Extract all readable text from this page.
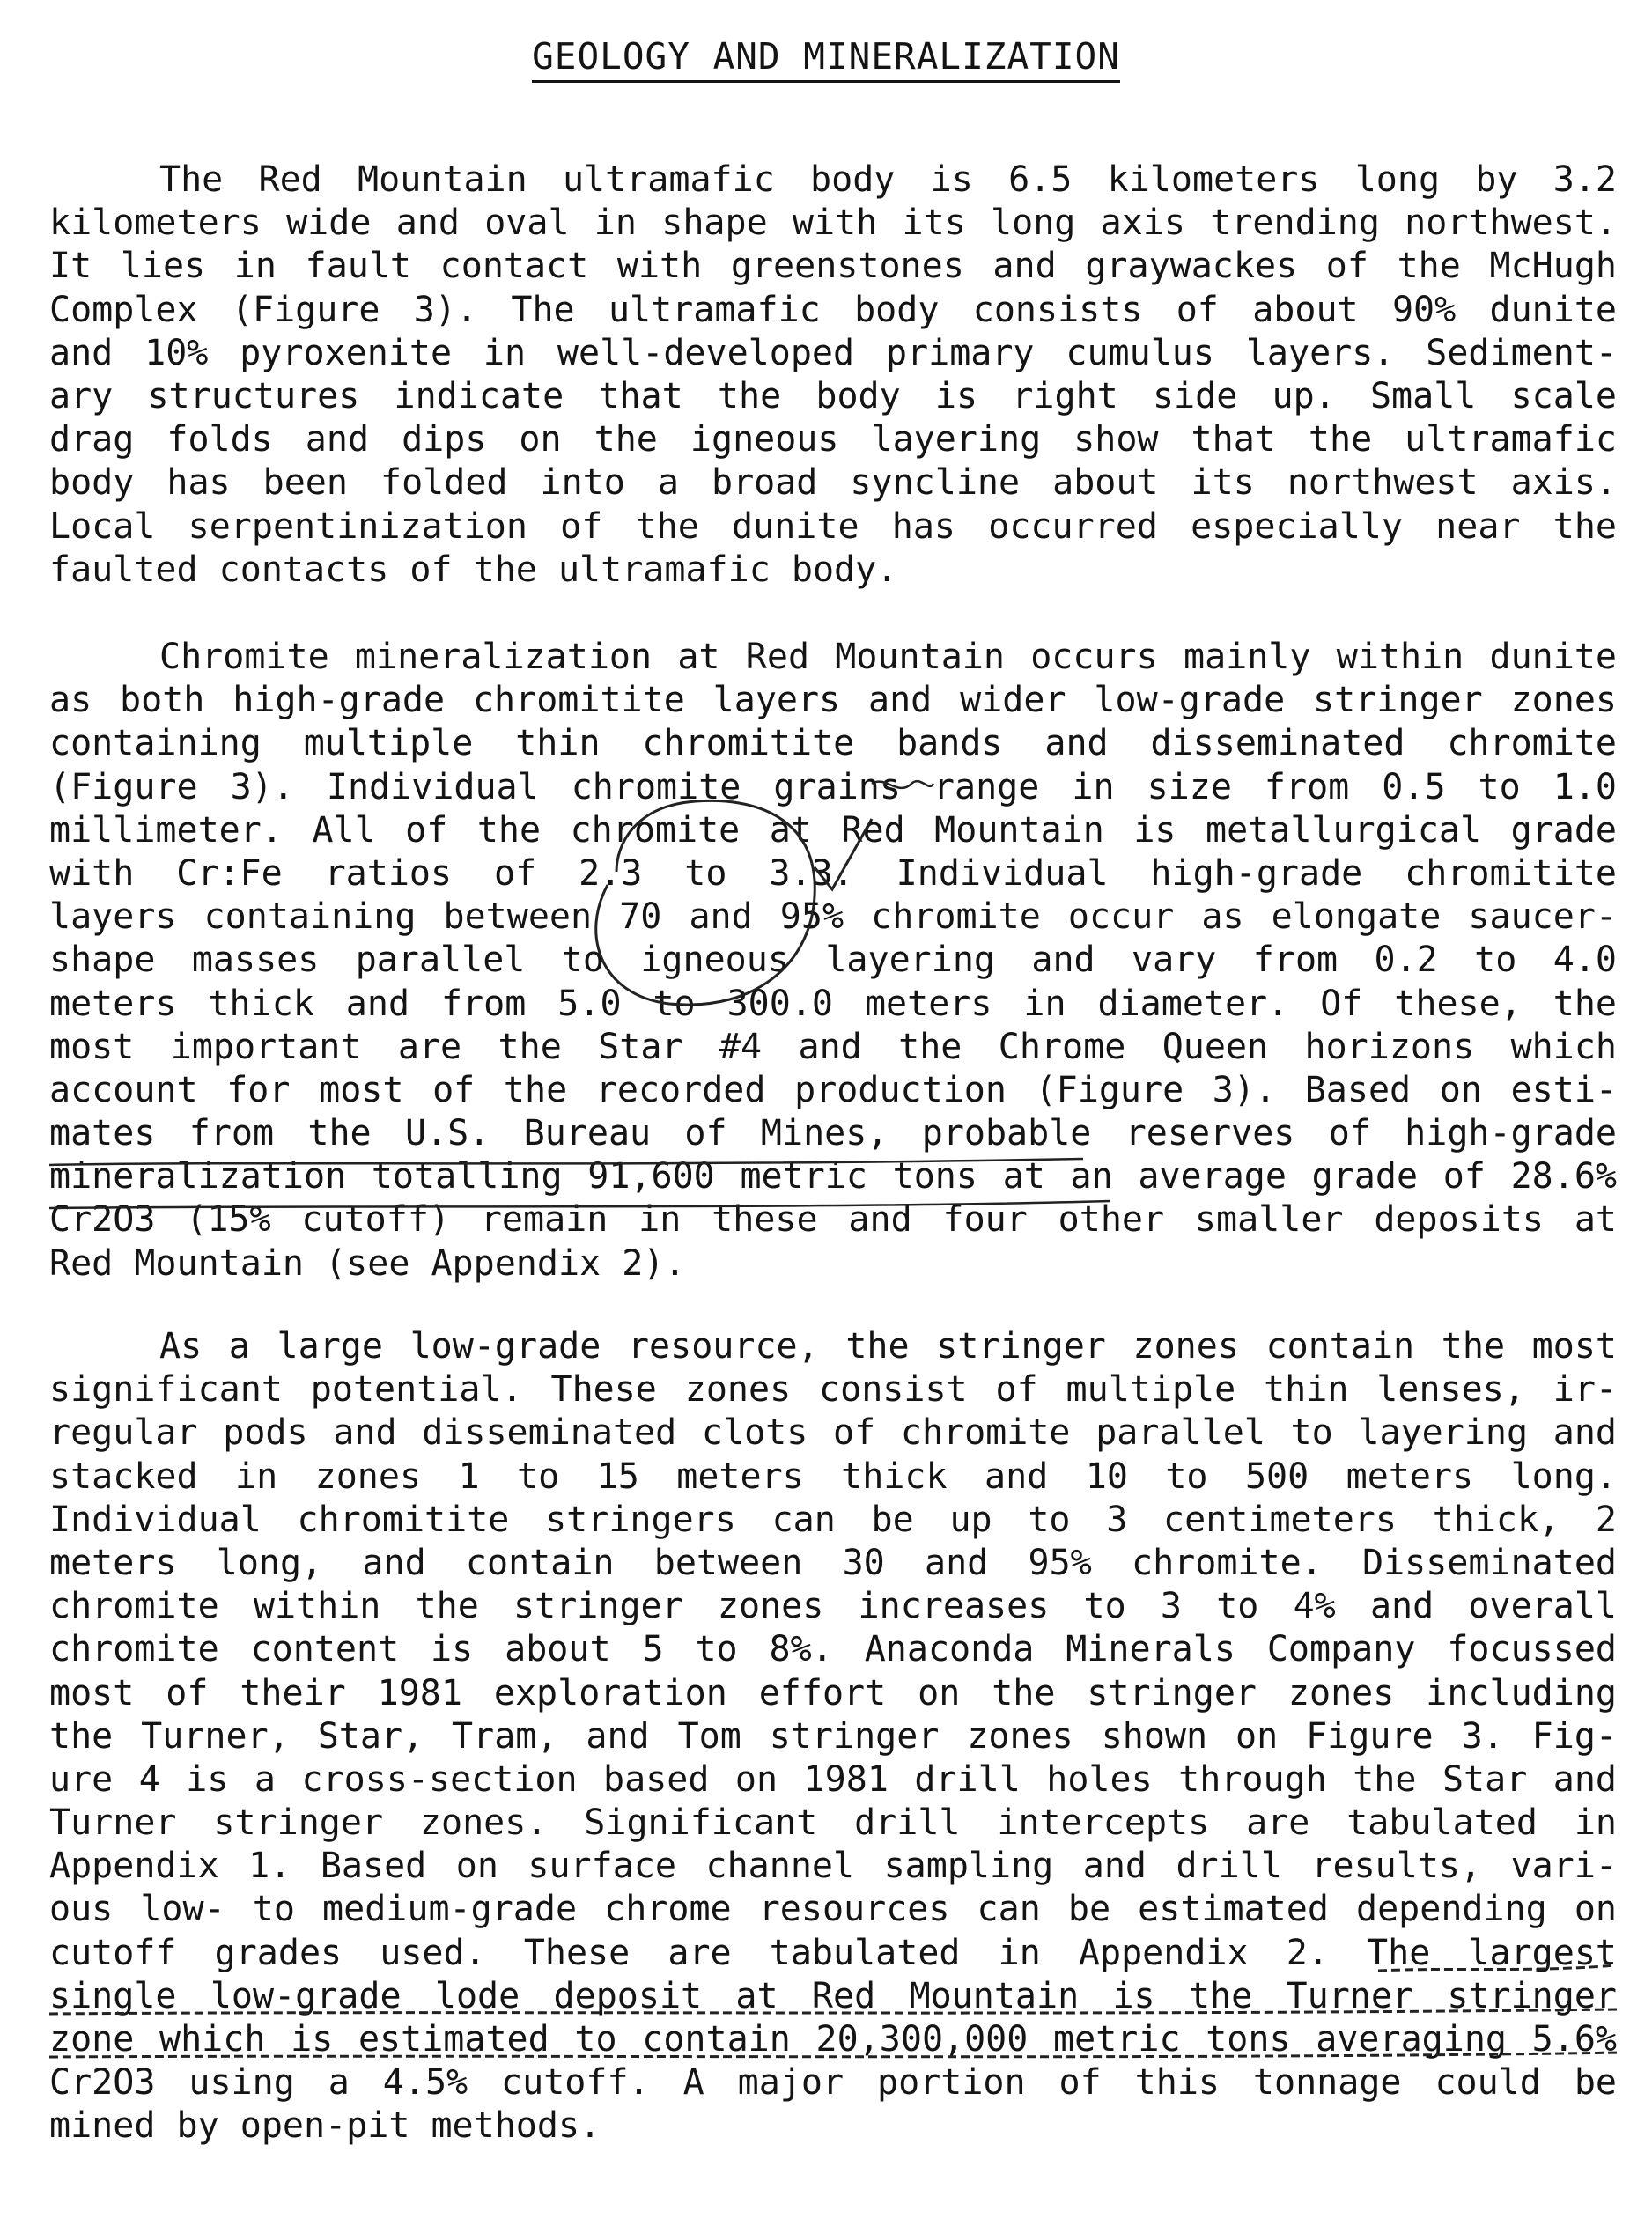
GEOLOGY AND MINERALIZATION
The Red Mountain ultramafic body is 6.5 kilometers long by 3.2
kilometers wide and oval in shape with its long axis trending northwest.
It lies in fault contact with greenstones and graywackes of the McHugh
Complex (Figure 3). The ultramafic body consists of about 90% dunite
and 10% pyroxenite in well-developed primary cumulus layers. Sediment-
ary structures indicate that the body is right side up. Small scale
drag folds and dips on the igneous layering show that the ultramafic
body has been folded into a broad syncline about its northwest axis.
Local serpentinization of the dunite has occurred especially near the
faulted contacts of the ultramafic body.
Chromite mineralization at Red Mountain occurs mainly within dunite
as both high-grade chromitite layers and wider low-grade stringer zones
containing multiple thin chromitite bands and disseminated chromite
(Figure 3). Individual chromite grains range in size from 0.5 to 1.0
millimeter. All of the chromite at Red Mountain is metallurgical grade
with Cr:Fe ratios of 2.3 to 3.3. Individual high-grade chromitite
layers containing between 70 and 95% chromite occur as elongate saucer-
shape masses parallel to igneous layering and vary from 0.2 to 4.0
meters thick and from 5.0 to 300.0 meters in diameter. Of these, the
most important are the Star #4 and the Chrome Queen horizons which
account for most of the recorded production (Figure 3). Based on esti-
mates from the U.S. Bureau of Mines, probable reserves of high-grade
mineralization totalling 91,600 metric tons at an average grade of 28.6%
Cr2O3 (15% cutoff) remain in these and four other smaller deposits at
Red Mountain (see Appendix 2).
As a large low-grade resource, the stringer zones contain the most
significant potential. These zones consist of multiple thin lenses, ir-
regular pods and disseminated clots of chromite parallel to layering and
stacked in zones 1 to 15 meters thick and 10 to 500 meters long.
Individual chromitite stringers can be up to 3 centimeters thick, 2
meters long, and contain between 30 and 95% chromite. Disseminated
chromite within the stringer zones increases to 3 to 4% and overall
chromite content is about 5 to 8%. Anaconda Minerals Company focussed
most of their 1981 exploration effort on the stringer zones including
the Turner, Star, Tram, and Tom stringer zones shown on Figure 3. Fig-
ure 4 is a cross-section based on 1981 drill holes through the Star and
Turner stringer zones. Significant drill intercepts are tabulated in
Appendix 1. Based on surface channel sampling and drill results, vari-
ous low- to medium-grade chrome resources can be estimated depending on
cutoff grades used. These are tabulated in Appendix 2. The largest
single low-grade lode deposit at Red Mountain is the Turner stringer
zone which is estimated to contain 20,300,000 metric tons averaging 5.6%
Cr2O3 using a 4.5% cutoff. A major portion of this tonnage could be
mined by open-pit methods.
